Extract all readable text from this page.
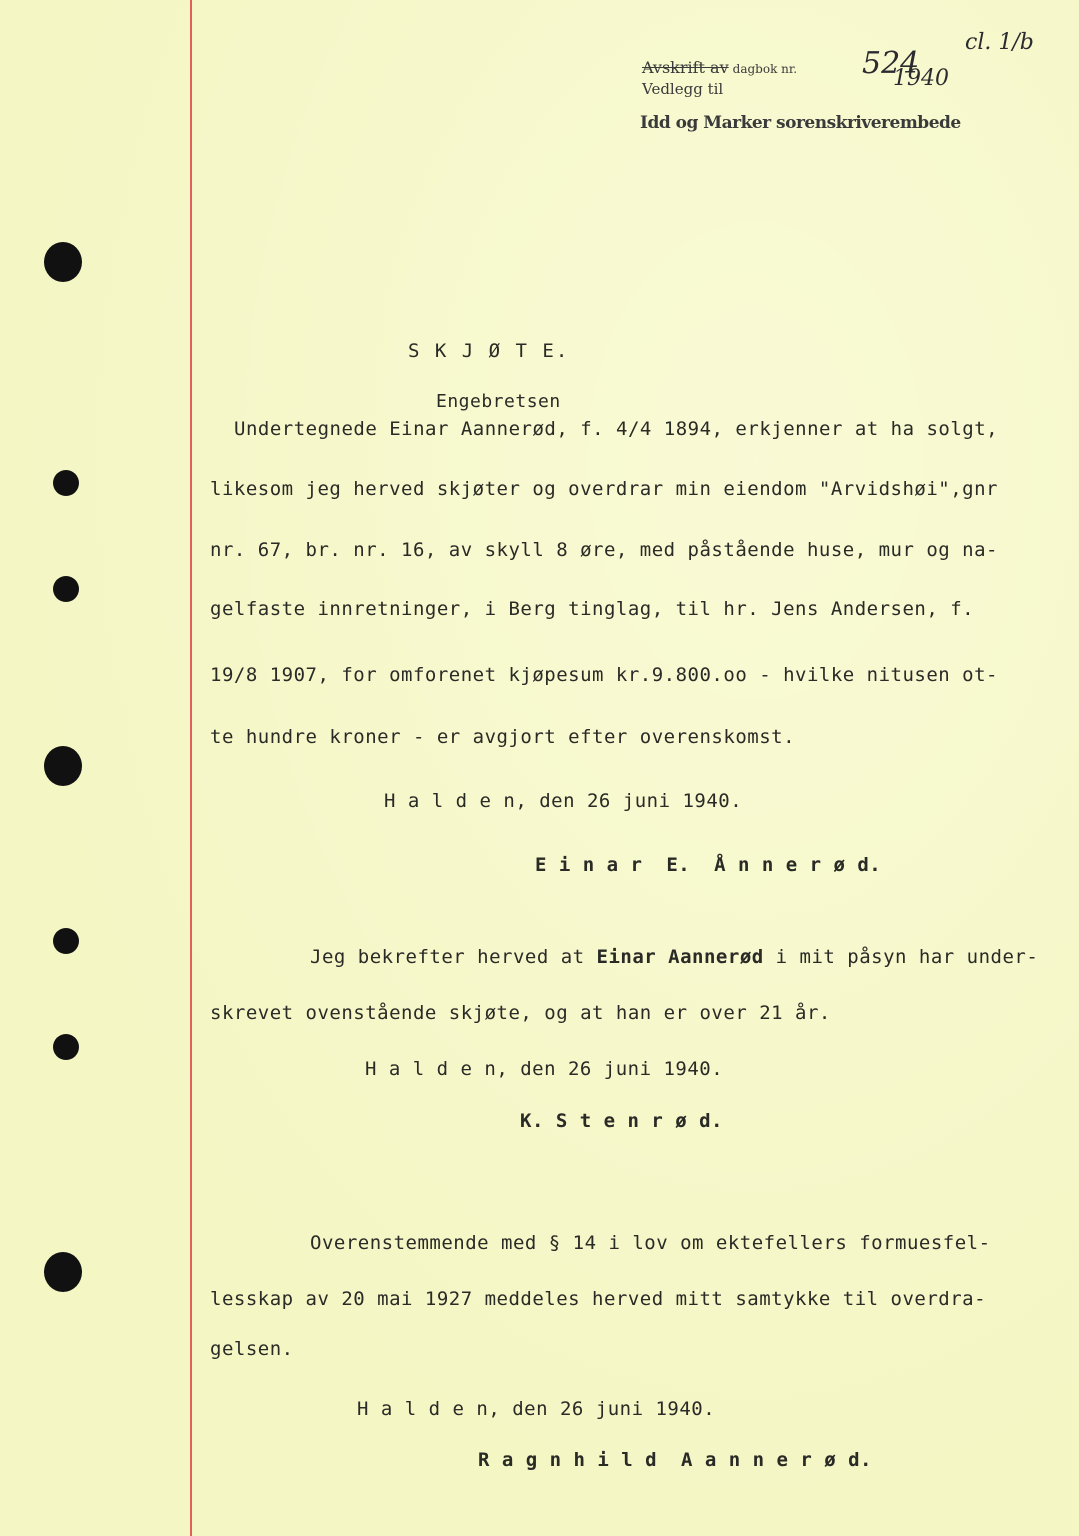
Avskrift av dagbok nr.
Vedlegg til
Idd og Marker sorenskriverembede
524
1940
cl. 1/b
S K J Ø T E.
Engebretsen
Undertegnede Einar Aannerød, f. 4/4 1894, erkjenner at ha solgt,
likesom jeg herved skjøter og overdrar min eiendom "Arvidshøi",gnr
nr. 67, br. nr. 16, av skyll 8 øre, med påstående huse, mur og na-
gelfaste innretninger, i Berg tinglag, til hr. Jens Andersen, f.
19/8 1907, for omforenet kjøpesum kr.9.800.oo - hvilke nitusen ot-
te hundre kroner - er avgjort efter overenskomst.
H a l d e n, den 26 juni 1940.
E i n a r  E.  Å n n e r ø d.
Jeg bekrefter herved at Einar Aannerød i mit påsyn har under-
skrevet ovenstående skjøte, og at han er over 21 år.
H a l d e n, den 26 juni 1940.
K. S t e n r ø d.
Overenstemmende med § 14 i lov om ektefellers formuesfel-
lesskap av 20 mai 1927 meddeles herved mitt samtykke til overdra-
gelsen.
H a l d e n, den 26 juni 1940.
R a g n h i l d  A a n n e r ø d.
